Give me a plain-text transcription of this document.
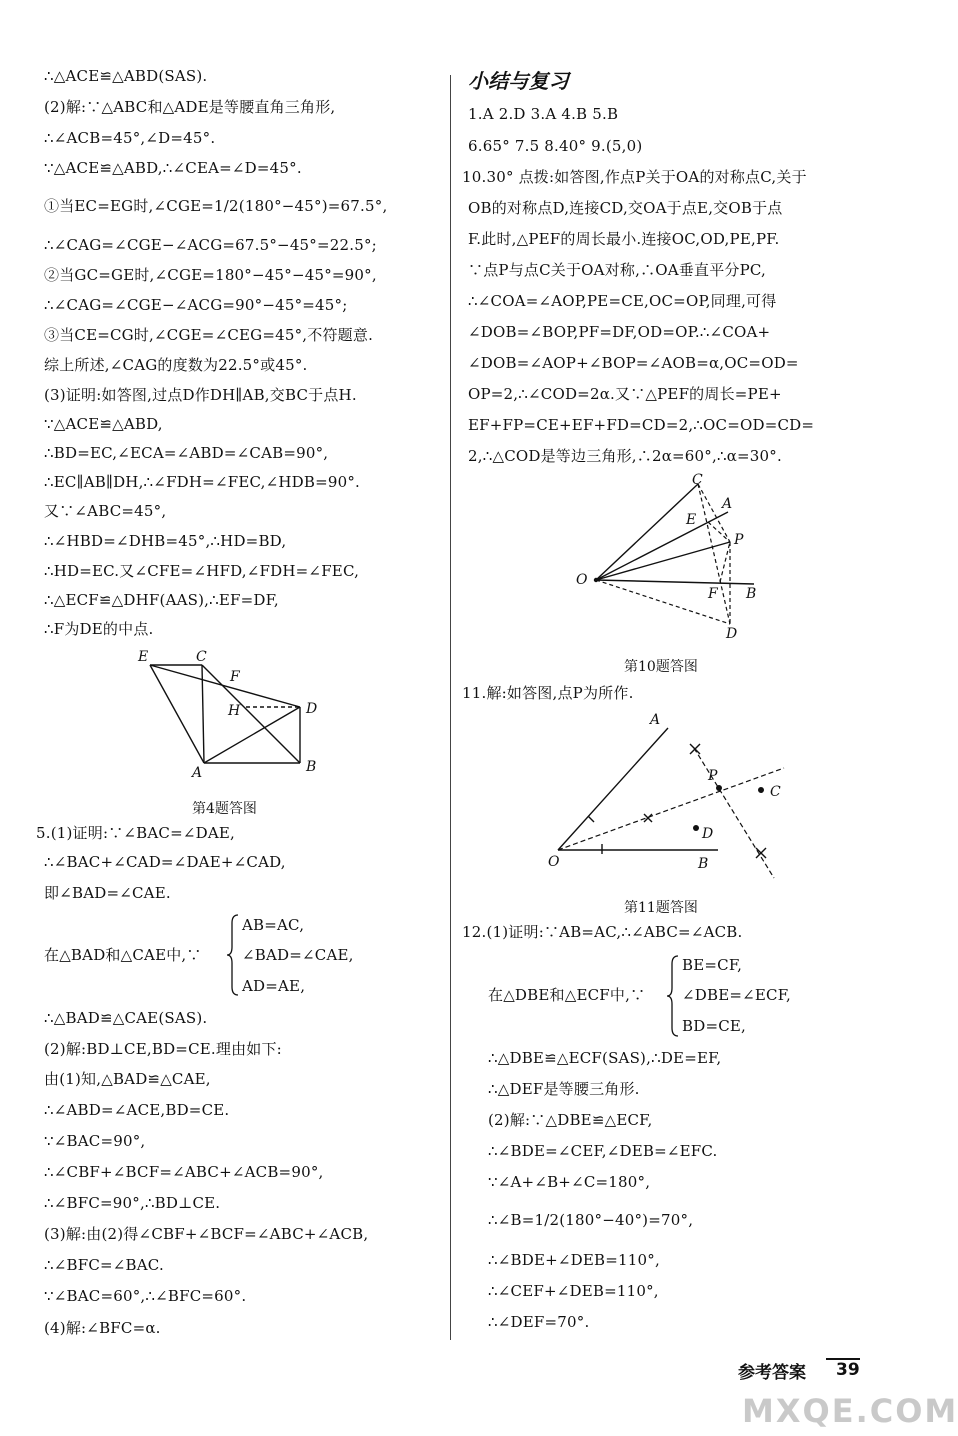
∴△ACE≌△ABD(SAS).
(2)解:∵△ABC和△ADE是等腰直角三角形,
∴∠ACB=45°,∠D=45°.
∵△ACE≌△ABD,∴∠CEA=∠D=45°.
①当EC=EG时,∠CGE=1/2(180°−45°)=67.5°,
∴∠CAG=∠CGE−∠ACG=67.5°−45°=22.5°;
②当GC=GE时,∠CGE=180°−45°−45°=90°,
∴∠CAG=∠CGE−∠ACG=90°−45°=45°;
③当CE=CG时,∠CGE=∠CEG=45°,不符题意.
综上所述,∠CAG的度数为22.5°或45°.
(3)证明:如答图,过点D作DH∥AB,交BC于点H.
∵△ACE≌△ABD,
∴BD=EC,∠ECA=∠ABD=∠CAB=90°,
∴EC∥AB∥DH,∴∠FDH=∠FEC,∠HDB=90°.
又∵∠ABC=45°,
∴∠HBD=∠DHB=45°,∴HD=BD,
∴HD=EC.又∠CFE=∠HFD,∠FDH=∠FEC,
∴△ECF≌△DHF(AAS),∴EF=DF,
∴F为DE的中点.
E	C
F
H	D
A	B
第4题答图
5.(1)证明:∵∠BAC=∠DAE,
∴∠BAC+∠CAD=∠DAE+∠CAD,
即∠BAD=∠CAE.
在△BAD和△CAE中,∵
AB=AC,
∠BAD=∠CAE,
AD=AE,
∴△BAD≌△CAE(SAS).
(2)解:BD⊥CE,BD=CE.理由如下:
由(1)知,△BAD≌△CAE,
∴∠ABD=∠ACE,BD=CE.
∵∠BAC=90°,
∴∠CBF+∠BCF=∠ABC+∠ACB=90°,
∴∠BFC=90°,∴BD⊥CE.
(3)解:由(2)得∠CBF+∠BCF=∠ABC+∠ACB,
∴∠BFC=∠BAC.
∵∠BAC=60°,∴∠BFC=60°.
(4)解:∠BFC=α.
小结与复习
1.A 2.D 3.A 4.B 5.B
6.65° 7.5 8.40° 9.(5,0)
10.30° 点拨:如答图,作点P关于OA的对称点C,关于
OB的对称点D,连接CD,交OA于点E,交OB于点
F.此时,△PEF的周长最小.连接OC,OD,PE,PF.
∵点P与点C关于OA对称,∴OA垂直平分PC,
∴∠COA=∠AOP,PE=CE,OC=OP,同理,可得
∠DOB=∠BOP,PF=DF,OD=OP.∴∠COA+
∠DOB=∠AOP+∠BOP=∠AOB=α,OC=OD=
OP=2,∴∠COD=2α.又∵△PEF的周长=PE+
EF+FP=CE+EF+FD=CD=2,∴OC=OD=CD=
2,∴△COD是等边三角形,∴2α=60°,∴α=30°.
C
A
E
P
O
F B
D
第10题答图
11.解:如答图,点P为所作.
A
P
C
D
O	B
第11题答图
12.(1)证明:∵AB=AC,∴∠ABC=∠ACB.
在△DBE和△ECF中,∵
BE=CF,
∠DBE=∠ECF,
BD=CE,
∴△DBE≌△ECF(SAS),∴DE=EF,
∴△DEF是等腰三角形.
(2)解:∵△DBE≌△ECF,
∴∠BDE=∠CEF,∠DEB=∠EFC.
∵∠A+∠B+∠C=180°,
∴∠B=1/2(180°−40°)=70°,
∴∠BDE+∠DEB=110°,
∴∠CEF+∠DEB=110°,
∴∠DEF=70°.
参考答案	39
MXQE.COM
